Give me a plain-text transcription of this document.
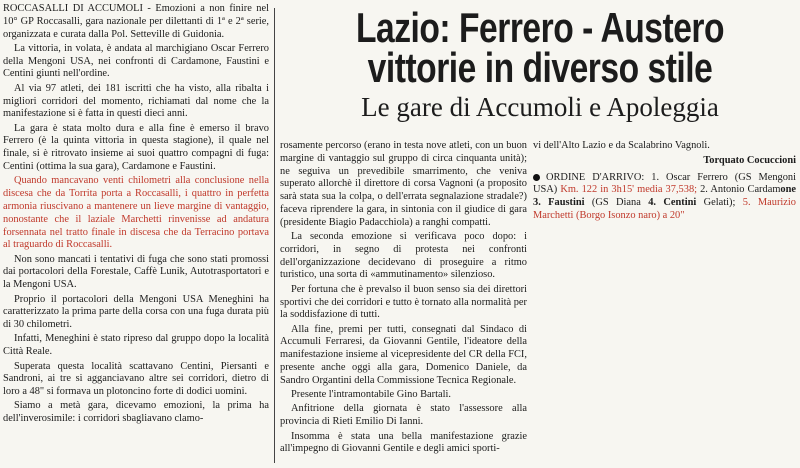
ROCCASALLI DI ACCUMOLI - Emozioni a non finire nel 10° GP Roccasalli, gara nazionale per dilettanti di 1ª e 2ª serie, organizzata e curata dalla Pol. Setteville di Guidonia.

La vittoria, in volata, è andata al marchigiano Oscar Ferrero della Mengoni USA, nei confronti di Cardamone, Faustini e Centini giunti nell'ordine.

Al via 97 atleti, dei 181 iscritti che ha visto, alla ribalta i migliori corridori del momento, richiamati dal nome che la manifestazione si è fatta in questi dieci anni.

La gara è stata molto dura e alla fine è emerso il bravo Ferrero (è la quinta vittoria in questa stagione), il quale nel finale, si è ritrovato insieme ai suoi quattro compagni di fuga: Centini (ottima la sua gara), Cardamone e Faustini.

Quando mancavano venti chilometri alla conclusione nella discesa che da Torrita porta a Roccasalli, i quattro in perfetta armonia riuscivano a mantenere un lieve margine di vantaggio, nonostante che il laziale Marchetti rinvenisse ad andatura forsennata nel tratto finale in discesa che da Terracino portava al traguardo di Roccasalli.

Non sono mancati i tentativi di fuga che sono stati promossi dai portacolori della Forestale, Caffè Lunik, Autotrasportatori e la Mengoni USA.

Proprio il portacolori della Mengoni USA Meneghini ha caratterizzato la prima parte della corsa con una fuga durata più di 30 chilometri.

Infatti, Meneghini è stato ripreso dal gruppo dopo la località Città Reale.

Superata questa località scattavano Centini, Piersanti e Sandroni, ai tre si agganciavano altre sei corridori, dietro di loro a 48" si formava un plotoncino forte di dodici uomini.

Siamo a metà gara, dicevamo emozioni, la prima ha dell'inverosimile: i corridori sbagliavano clamo-

Lazio: Ferrero - Austero
vittorie in diverso stile
Le gare di Accumoli e Apoleggia

rosamente percorso (erano in testa nove atleti, con un buon margine di vantaggio sul gruppo di circa cinquanta unità); ne seguiva un prevedibile smarrimento, che veniva superato allorchè il direttore di corsa Vagnoni (a proposito sarà stata sua la colpa, o dell'errata segnalazione stradale?) faceva riprendere la gara, in sintonia con il giudice di gara (presidente Biagio Padacchiola) a ranghi compatti.

La seconda emozione si verificava poco dopo: i corridori, in segno di protesta nei confronti dell'organizzazione decidevano di proseguire a ritmo turistico, una sorta di «ammutinamento» silenzioso.

Per fortuna che è prevalso il buon senso sia dei direttori sportivi che dei corridori e tutto è tornato alla normalità per la soddisfazione di tutti.

Alla fine, premi per tutti, consegnati dal Sindaco di Accumuli Ferraresi, da Giovanni Gentile, l'ideatore della manifestazione insieme al vicepresidente del CR della FCI, presente anche oggi alla gara, Domenico Daniele, da Sandro Organtini della Commissione Tecnica Regionale.

Presente l'intramontabile Gino Bartali.

Anfitrione della giornata è stato l'assessore alla provincia di Rieti Emilio Di Ianni.

Insomma è stata una bella manifestazione grazie all'impegno di Giovanni Gentile e degli amici sporti-

vi dell'Alto Lazio e da Scalabrino Vagnoli.

Torquato Cocuccioni

ORDINE D'ARRIVO: 1. Oscar Ferrero (GS Mengoni USA) Km. 122 in 3h15' media 37,538; 2. Antonio Cardamone 3. Faustini (GS Diana 4. Centini Gelati); 5. Maurizio Marchetti (Borgo Isonzo naro) a 20"
